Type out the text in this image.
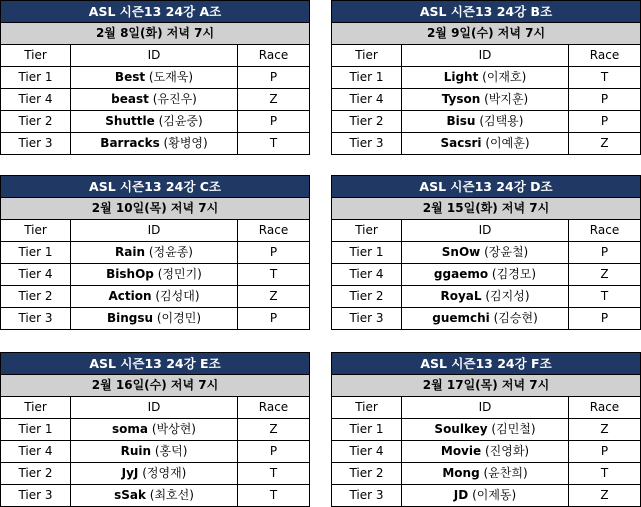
ASL 시즌13 24강 A조		
2월 8일(화) 저녁 7시		
Tier	ID	Race
Tier 1	Best (도재욱)	P
Tier 4	beast (유진우)	Z
Tier 2	Shuttle (김윤중)	P
Tier 3	Barracks (황병영)	T
ASL 시즌13 24강 B조		
2월 9일(수) 저녁 7시		
Tier	ID	Race
Tier 1	Light (이재호)	T
Tier 4	Tyson (박지훈)	P
Tier 2	Bisu (김택용)	P
Tier 3	Sacsri (이예훈)	Z
ASL 시즌13 24강 C조		
2월 10일(목) 저녁 7시		
Tier	ID	Race
Tier 1	Rain (정윤종)	P
Tier 4	BishOp (정민기)	T
Tier 2	Action (김성대)	Z
Tier 3	Bingsu (이경민)	P
ASL 시즌13 24강 D조		
2월 15일(화) 저녁 7시		
Tier	ID	Race
Tier 1	SnOw (장윤철)	P
Tier 4	ggaemo (김경모)	Z
Tier 2	RoyaL (김지성)	T
Tier 3	guemchi (김승현)	P
ASL 시즌13 24강 E조		
2월 16일(수) 저녁 7시		
Tier	ID	Race
Tier 1	soma (박상현)	Z
Tier 4	Ruin (홍덕)	P
Tier 2	JyJ (정영재)	T
Tier 3	sSak (최호선)	T
ASL 시즌13 24강 F조		
2월 17일(목) 저녁 7시		
Tier	ID	Race
Tier 1	Soulkey (김민철)	Z
Tier 4	Movie (진영화)	P
Tier 2	Mong (윤찬희)	T
Tier 3	JD (이제동)	Z
